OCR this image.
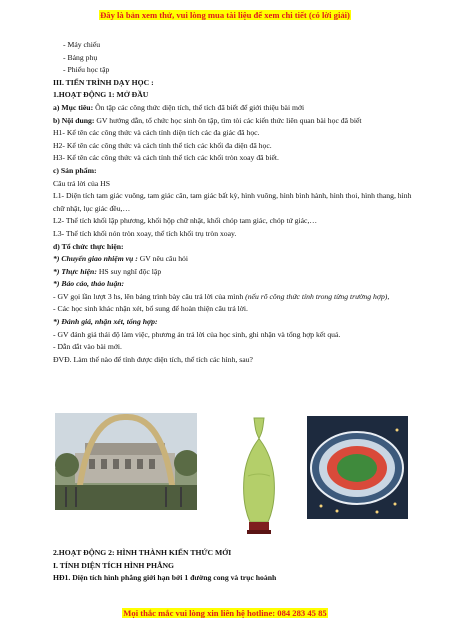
Đây là bản xem thử, vui lòng mua tài liệu để xem chi tiết (có lời giải)
- Máy chiếu
- Bảng phụ
- Phiếu học tập
III. TIẾN TRÌNH DẠY HỌC :
1.HOẠT ĐỘNG 1: MỞ ĐẦU
a) Mục tiêu: Ôn tập các công thức diện tích, thể tích đã biết để giới thiệu bài mới
b) Nội dung: GV hướng dẫn, tổ chức học sinh ôn tập, tìm tòi các kiến thức liên quan bài học đã biết
H1- Kể tên các công thức và cách tính diện tích các đa giác đã học.
H2- Kể tên các công thức và cách tính thể tích các khối đa diện đã học.
H3- Kể tên các công thức và cách tính thể tích các khối tròn xoay đã biết.
c) Sản phẩm:
Câu trả lời của HS
L1- Diện tích tam giác vuông, tam giác cân, tam giác bất kỳ, hình vuông, hình bình hành, hình thoi, hình thang, hình chữ nhật, lục giác đều,…
L2- Thể tích khối lập phương, khối hộp chữ nhật, khối chóp tam giác, chóp tứ giác,…
L3- Thể tích khối nón tròn xoay, thể tích khối trụ tròn xoay.
d) Tổ chức thực hiện:
*) Chuyển giao nhiệm vụ : GV nêu câu hỏi
*) Thực hiện: HS suy nghĩ độc lập
*) Báo cáo, thảo luận:
- GV gọi lần lượt 3 hs, lên bảng trình bày câu trả lời của mình (nếu rõ công thức tính trong từng trường hợp),
- Các học sinh khác nhận xét, bổ sung để hoàn thiện câu trả lời.
*) Đánh giá, nhận xét, tổng hợp:
- GV đánh giá thái độ làm việc, phương án trả lời của học sinh, ghi nhận và tổng hợp kết quả.
- Dẫn dắt vào bài mới.
ĐVĐ. Làm thế nào để tính được diện tích, thể tích các hình, sau?
2.HOẠT ĐỘNG 2: HÌNH THÀNH KIẾN THỨC MỚI
I. TÍNH DIỆN TÍCH HÌNH PHẲNG
HĐ1. Diện tích hình phẳng giới hạn bởi 1 đường cong và trục hoành
Mọi thắc mắc vui lòng xin liên hệ hotline: 084 283 45 85
